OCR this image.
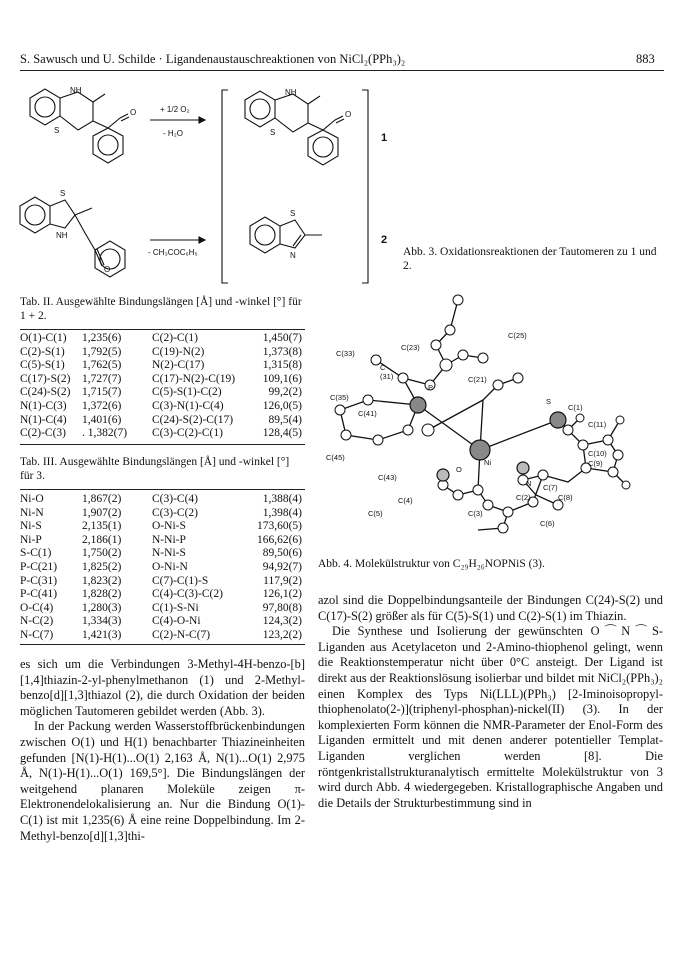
S. Sawusch und U. Schilde · Ligandenaustauschreaktionen von NiCl₂(PPh₃)₂	883
NH
S
O
NH
S
O
S
NH
O
S
N
+ 1/2 O₂
- H₂O
- CH₃COC₆H₅
1
2
Abb. 3. Oxidationsreaktionen der Tautomeren zu 1 und 2.
Tab. II. Ausgewählte Bindungslängen [Å] und -winkel [°] für 1 + 2.
O(1)-C(1)	1,235(6)	C(2)-C(1)	1,450(7)
C(2)-S(1)	1,792(5)	C(19)-N(2)	1,373(8)
C(5)-S(1)	1,762(5)	N(2)-C(17)	1,315(8)
C(17)-S(2)	1,727(7)	C(17)-N(2)-C(19)	109,1(6)
C(24)-S(2)	1,715(7)	C(5)-S(1)-C(2)	99,2(2)
N(1)-C(3)	1,372(6)	C(3)-N(1)-C(4)	126,0(5)
N(1)-C(4)	1,401(6)	C(24)-S(2)-C(17)	89,5(4)
C(2)-C(3)	. 1,382(7)	C(3)-C(2)-C(1)	128,4(5)
Tab. III. Ausgewählte Bindungslängen [Å] und -winkel [°] für 3.
Ni-O	1,867(2)	C(3)-C(4)	1,388(4)
Ni-N	1,907(2)	C(3)-C(2)	1,398(4)
Ni-S	2,135(1)	O-Ni-S	173,60(5)
Ni-P	2,186(1)	N-Ni-P	166,62(6)
S-C(1)	1,750(2)	N-Ni-S	89,50(6)
P-C(21)	1,825(2)	O-Ni-N	94,92(7)
P-C(31)	1,823(2)	C(7)-C(1)-S	117,9(2)
P-C(41)	1,828(2)	C(4)-C(3)-C(2)	126,1(2)
O-C(4)	1,280(3)	C(1)-S-Ni	97,80(8)
N-C(2)	1,334(3)	C(4)-O-Ni	124,3(2)
N-C(7)	1,421(3)	C(2)-N-C(7)	123,2(2)
C(25)
C(23)
C(33)
C
(31)	C(21)
C(35)
P
S
C(41)
C(1)
C(11)
C(10)
C(9)
Ni
C(45)
O
N C(7)
C(8)
C(43)
C(2)
C(5)
C(4)
C(3)
C(6)
Abb. 4. Molekülstruktur von C₂₉H₂₆NOPNiS (3).

es sich um die Verbindungen 3-Methyl-4H-benzo-[b][1,4]thiazin-2-yl-phenylmethanon (1) und 2-Methyl-benzo[d][1,3]thiazol (2), die durch Oxidation der beiden möglichen Tautomeren gebildet werden (Abb. 3).

In der Packung werden Wasserstoffbrückenbindungen zwischen O(1) und H(1) benachbarter Thiazineinheiten gefunden [N(1)-H(1)...O(1) 2,163 Å, N(1)...O(1) 2,975 Å, N(1)-H(1)...O(1) 169,5°]. Die Bindungslängen der weitgehend planaren Moleküle zeigen π-Elektronendelokalisierung an. Nur die Bindung O(1)-C(1) ist mit 1,235(6) Å eine reine Doppelbindung. Im 2-Methyl-benzo[d][1,3]thi-

azol sind die Doppelbindungsanteile der Bindungen C(24)-S(2) und C(17)-S(2) größer als für C(5)-S(1) und C(2)-S(1) im Thiazin.

Die Synthese und Isolierung der gewünschten O⌒N⌒S-Liganden aus Acetylaceton und 2-Amino-thiophenol gelingt, wenn die Reaktionstemperatur nicht über 0°C ansteigt. Der Ligand ist direkt aus der Reaktionslösung isolierbar und bildet mit NiCl₂(PPh₃)₂ einen Komplex des Typs Ni(LLL)(PPh₃) [2-Iminoisopropyl-thiophenolato(2-)](triphenyl-phosphan)-nickel(II) (3). In der komplexierten Form können die NMR-Parameter der Enol-Form des Liganden ermittelt und mit denen anderer potentieller Templat-Liganden verglichen werden [8]. Die röntgenkristallstrukturanalytisch ermittelte Molekülstruktur von 3 wird durch Abb. 4 wiedergegeben. Kristallographische Angaben und die Details der Strukturbestimmung sind in
